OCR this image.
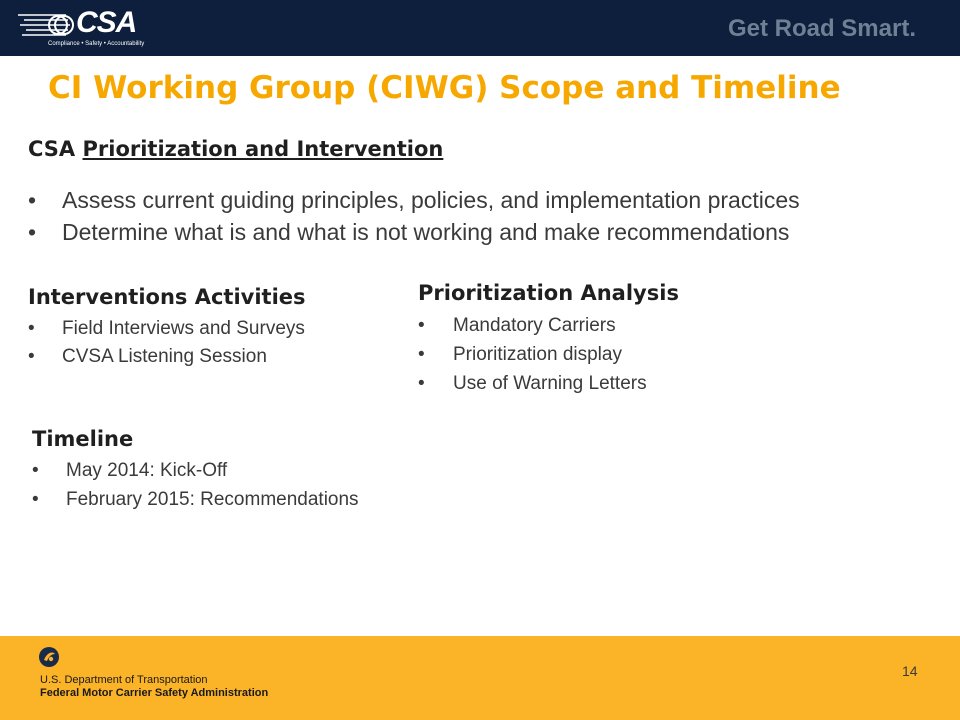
CSA
Compliance • Safety • Accountability
Get Road Smart.
CI Working Group (CIWG) Scope and Timeline
CSA Prioritization and Intervention
• Assess current guiding principles, policies, and implementation practices
• Determine what is and what is not working and make recommendations
Interventions Activities
• Field Interviews and Surveys
• CVSA Listening Session
Prioritization Analysis
• Mandatory Carriers
• Prioritization display
• Use of Warning Letters
Timeline
• May 2014: Kick-Off
• February 2015: Recommendations
U.S. Department of Transportation
Federal Motor Carrier Safety Administration
14
